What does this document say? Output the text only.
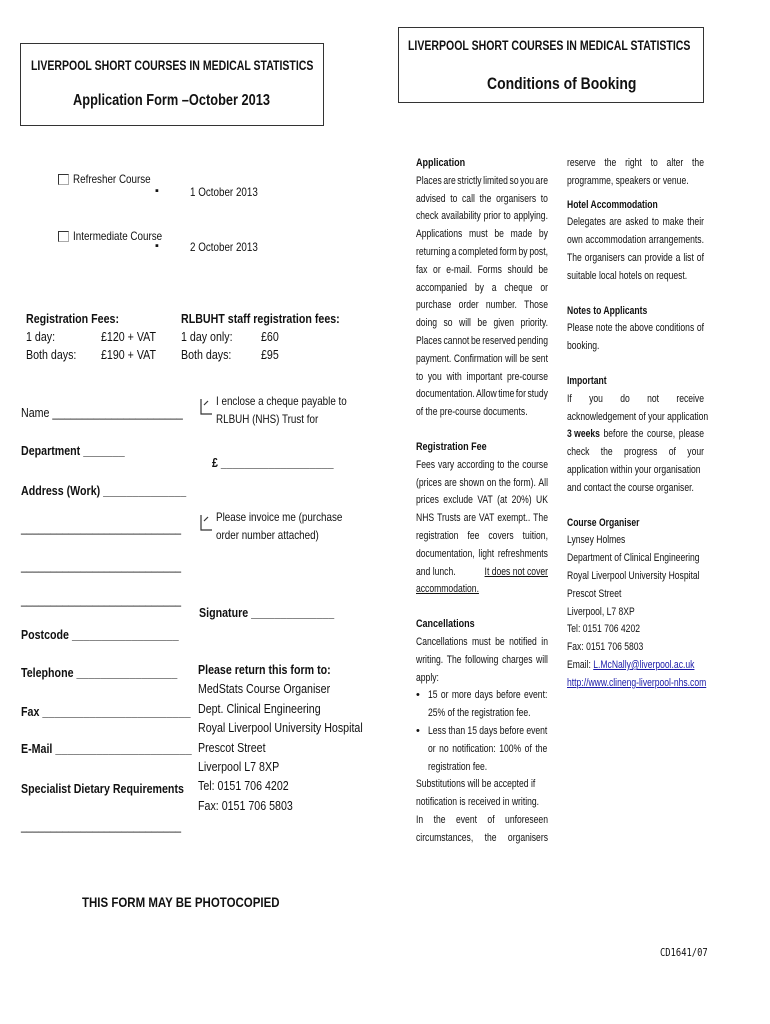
LIVERPOOL SHORT COURSES IN MEDICAL STATISTICS
Application Form –October 2013
LIVERPOOL SHORT COURSES IN MEDICAL STATISTICS
Conditions of Booking
Refresher Course
▪	1 October 2013
Intermediate Course
▪	2 October 2013
Registration Fees:
1 day:	£120 + VAT
Both days: £190 + VAT
RLBUHT staff registration fees:
1 day only: £60
Both days: £95
Name ______________________
Department _______
Address (Work) ______________
___________________________
___________________________
___________________________
Postcode __________________
Telephone _________________
Fax _________________________
E-Mail _______________________
Specialist Dietary Requirements
___________________________
I enclose a cheque payable to
RLBUH (NHS) Trust for
£ ___________________
Please invoice me (purchase
order number attached)
Signature ______________
Please return this form to:
MedStats Course Organiser
Dept. Clinical Engineering
Royal Liverpool University Hospital
Prescot Street
Liverpool L7 8XP
Tel: 0151 706 4202
Fax: 0151 706 5803
THIS FORM MAY BE PHOTOCOPIED
CD1641/07
Application
Places are strictly limited so you are
advised to call the organisers to
check availability prior to applying.
Applications must be made by
returning a completed form by post,
fax or e-mail. Forms should be
accompanied by a cheque or
purchase order number. Those
doing so will be given priority.
Places cannot be reserved pending
payment. Confirmation will be sent
to you with important pre-course
documentation. Allow time for study
of the pre-course documents.
Registration Fee
Fees vary according to the course
(prices are shown on the form). All
prices exclude VAT (at 20%) UK
NHS Trusts are VAT exempt.. The
registration fee covers tuition,
documentation, light refreshments
and lunch.	It does not cover
accommodation.
Cancellations
Cancellations must be notified in
writing. The following charges will
apply:
• 15 or more days before event:
25% of the registration fee.
• Less than 15 days before event
or no notification: 100% of the
registration fee.
Substitutions will be accepted if
notification is received in writing.
In the event of unforeseen
circumstances, the organisers
reserve the right to alter the
programme, speakers or venue.
Hotel Accommodation
Delegates are asked to make their
own accommodation arrangements.
The organisers can provide a list of
suitable local hotels on request.
Notes to Applicants
Please note the above conditions of
booking.
Important
If you do not receive
acknowledgement of your application
3 weeks before the course, please
check the progress of your
application within your organisation
and contact the course organiser.
Course Organiser
Lynsey Holmes
Department of Clinical Engineering
Royal Liverpool University Hospital
Prescot Street
Liverpool, L7 8XP
Tel: 0151 706 4202
Fax: 0151 706 5803
Email: L.McNally@liverpool.ac.uk
http://www.clineng-liverpool-nhs.com
